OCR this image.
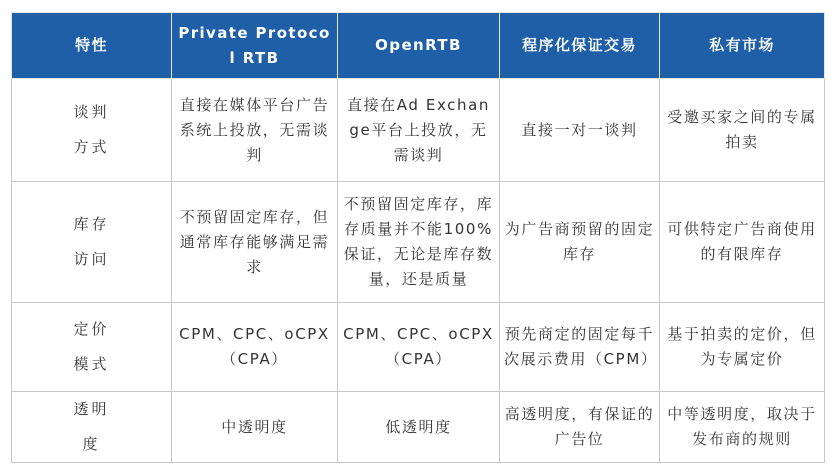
特性	Private Protocol RTB	OpenRTB	程序化保证交易	私有市场
谈判方式	直接在媒体平台广告系统上投放，无需谈判	直接在Ad Exchange平台上投放，无需谈判	直接一对一谈判	受邀买家之间的专属拍卖
库存访问	不预留固定库存，但通常库存能够满足需求	不预留固定库存，库存质量并不能100%保证，无论是库存数量，还是质量	为广告商预留的固定库存	可供特定广告商使用的有限库存
定价模式	CPM、CPC、oCPX（CPA）	CPM、CPC、oCPX（CPA）	预先商定的固定每千次展示费用（CPM）	基于拍卖的定价，但为专属定价
透明度	中透明度	低透明度	高透明度，有保证的广告位	中等透明度，取决于发布商的规则
